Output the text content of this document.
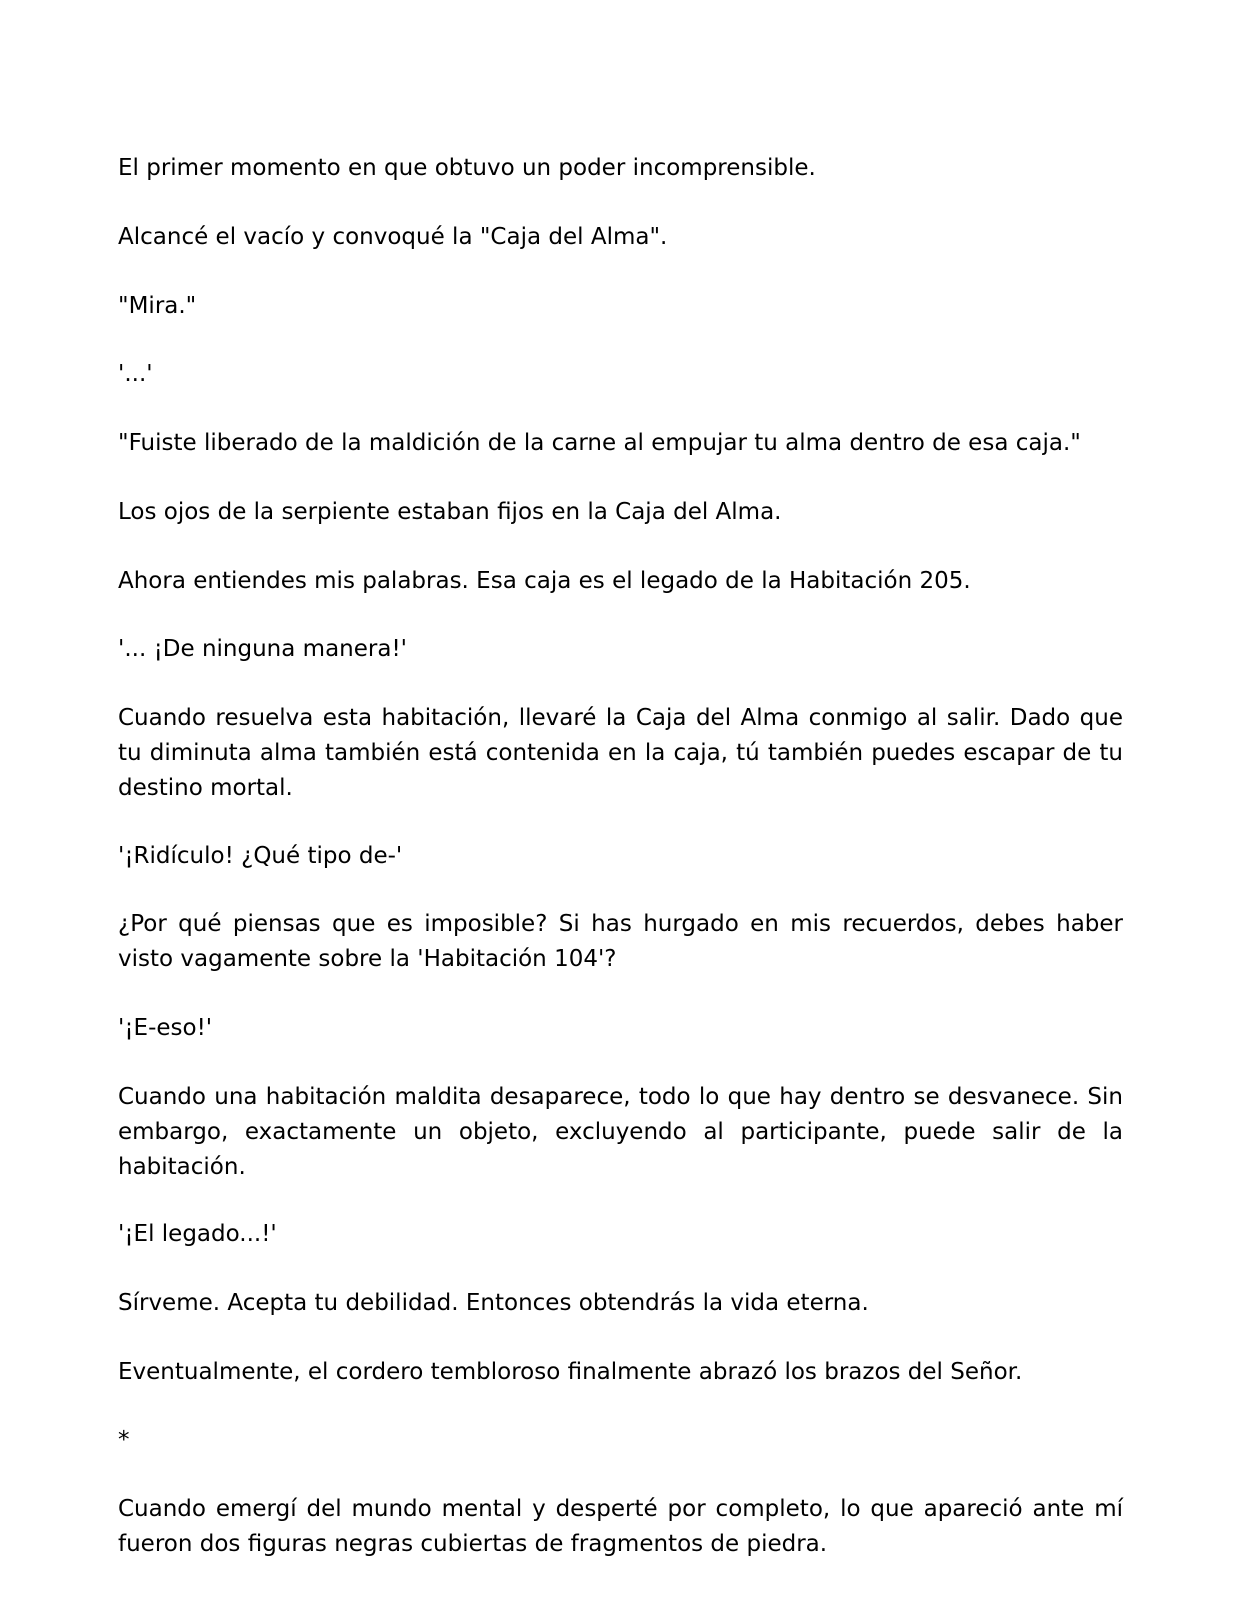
El primer momento en que obtuvo un poder incomprensible.

Alcancé el vacío y convoqué la "Caja del Alma".

"Mira."

'...'

"Fuiste liberado de la maldición de la carne al empujar tu alma dentro de esa caja."

Los ojos de la serpiente estaban fijos en la Caja del Alma.

Ahora entiendes mis palabras. Esa caja es el legado de la Habitación 205.

'... ¡De ninguna manera!'

Cuando resuelva esta habitación, llevaré la Caja del Alma conmigo al salir. Dado que tu diminuta alma también está contenida en la caja, tú también puedes escapar de tu destino mortal.

'¡Ridículo! ¿Qué tipo de-'

¿Por qué piensas que es imposible? Si has hurgado en mis recuerdos, debes haber visto vagamente sobre la 'Habitación 104'?

'¡E-eso!'

Cuando una habitación maldita desaparece, todo lo que hay dentro se desvanece. Sin embargo, exactamente un objeto, excluyendo al participante, puede salir de la habitación.

'¡El legado...!'

Sírveme. Acepta tu debilidad. Entonces obtendrás la vida eterna.

Eventualmente, el cordero tembloroso finalmente abrazó los brazos del Señor.

*

Cuando emergí del mundo mental y desperté por completo, lo que apareció ante mí fueron dos figuras negras cubiertas de fragmentos de piedra.
